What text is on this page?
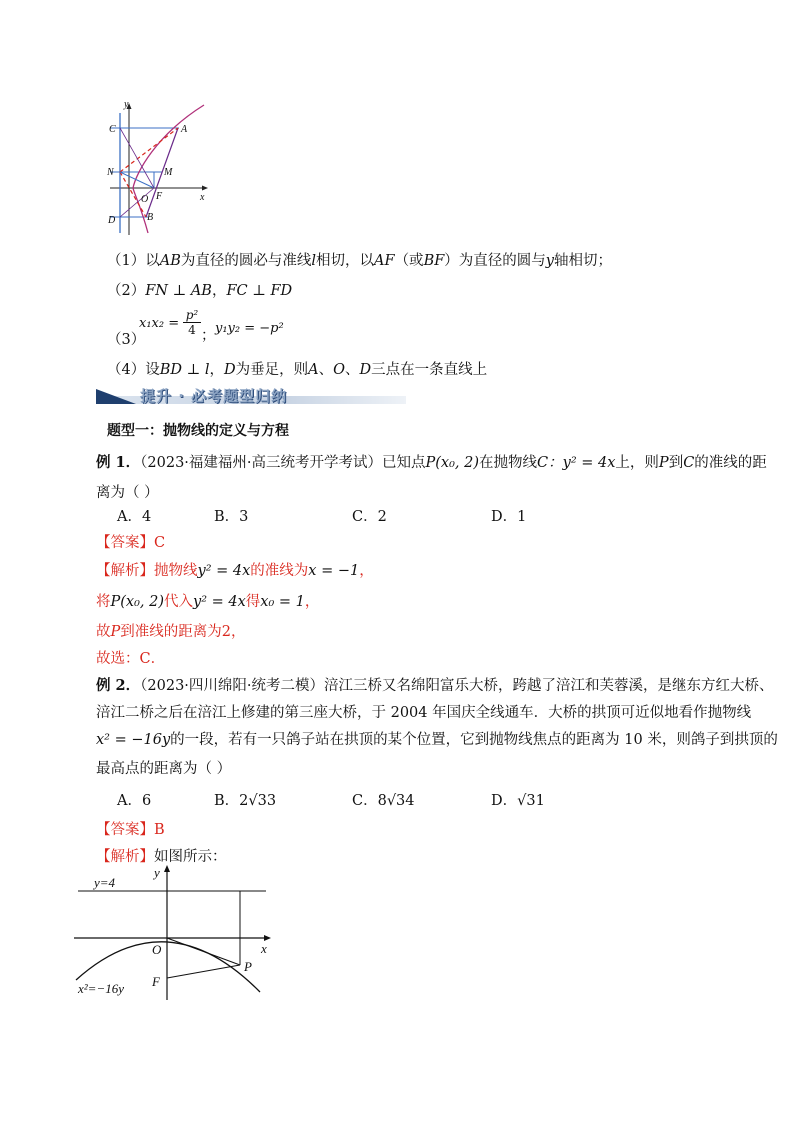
y
x
C	A
N	M
O F
D	B
（1）以AB为直径的圆必与准线l相切，以AF（或BF）为直径的圆与y轴相切；
（2）FN ⊥ AB，FC ⊥ FD
（3）
x₁x₂ =
p²
4 ； y₁y₂ = −p²
（4）设BD ⊥ l，D为垂足，则A、O、D三点在一条直线上
提升 · 必考题型归纳
题型一：抛物线的定义与方程
例 1．（2023·福建福州·高三统考开学考试）已知点P(x₀, 2)在抛物线C：y² = 4x上，则P到C的准线的距
离为（ ）
A．4	B．3	C．2	D．1
【答案】C
【解析】抛物线y² = 4x的准线为x = −1，
将P(x₀, 2)代入y² = 4x得x₀ = 1，
故P到准线的距离为2，
故选：C．
例 2．（2023·四川绵阳·统考二模）涪江三桥又名绵阳富乐大桥，跨越了涪江和芙蓉溪，是继东方红大桥、
涪江二桥之后在涪江上修建的第三座大桥，于 2004 年国庆全线通车．大桥的拱顶可近似地看作抛物线
x² = −16y的一段，若有一只鸽子站在拱顶的某个位置，它到抛物线焦点的距离为 10 米，则鸽子到拱顶的
最高点的距离为（ ）
A．6	B．2√33	C．8√34	D．√31
【答案】B
【解析】如图所示：
y
x
y=4
O
P
F
x²=−16y
